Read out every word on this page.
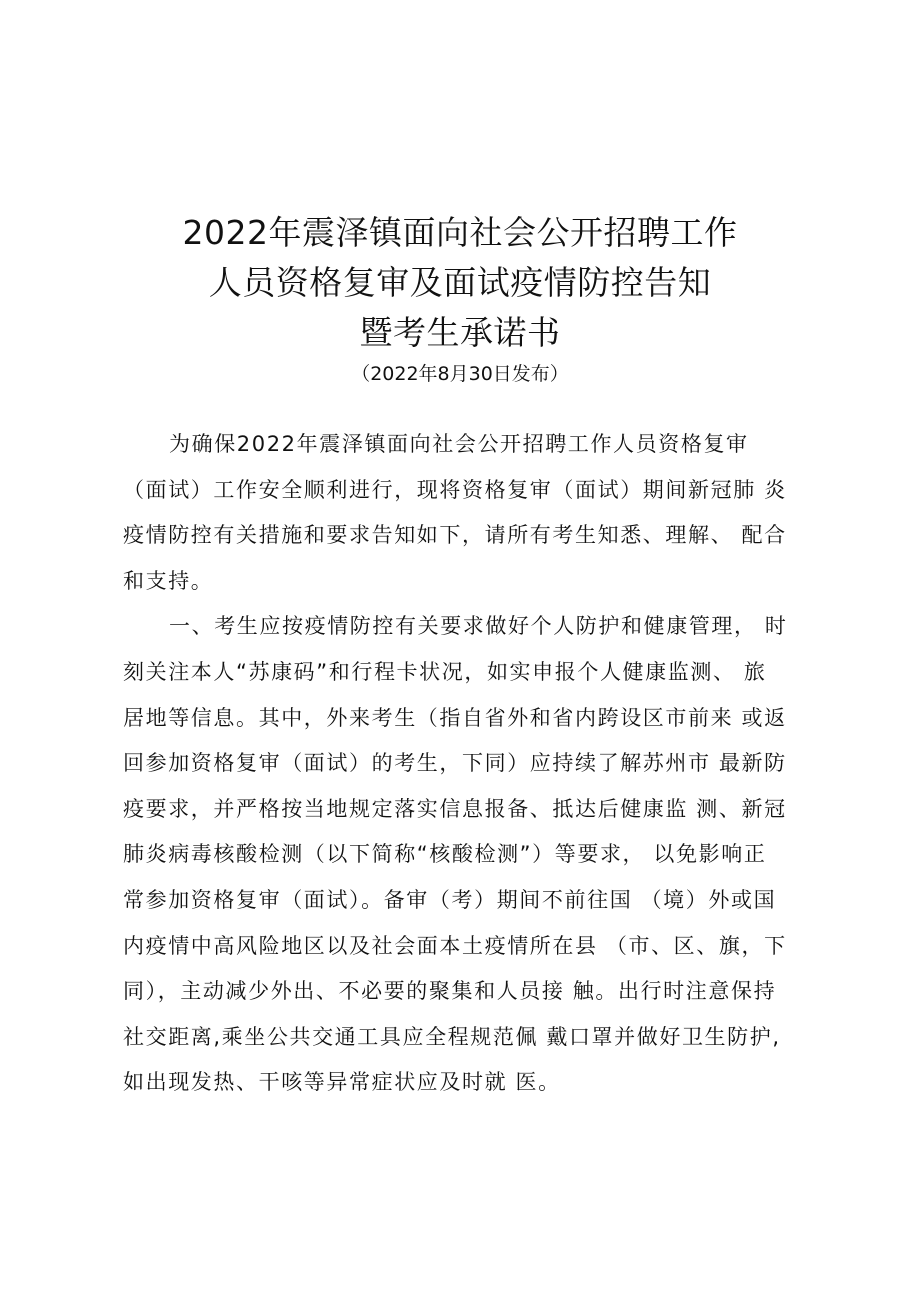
2022年震泽镇面向社会公开招聘工作
人员资格复审及面试疫情防控告知
暨考生承诺书
（2022年8月30日发布）
为确保2022年震泽镇面向社会公开招聘工作人员资格复审
（面试）工作安全顺利进行，现将资格复审（面试）期间新冠肺 炎
疫情防控有关措施和要求告知如下，请所有考生知悉、理解、 配合
和支持。
一、考生应按疫情防控有关要求做好个人防护和健康管理， 时
刻关注本人“苏康码”和行程卡状况，如实申报个人健康监测、 旅
居地等信息。其中，外来考生（指自省外和省内跨设区市前来 或返
回参加资格复审（面试）的考生，下同）应持续了解苏州市 最新防
疫要求，并严格按当地规定落实信息报备、抵达后健康监 测、新冠
肺炎病毒核酸检测（以下简称“核酸检测”）等要求， 以免影响正
常参加资格复审（面试）。备审（考）期间不前往国 （境）外或国
内疫情中高风险地区以及社会面本土疫情所在县 （市、区、旗，下
同），主动减少外出、不必要的聚集和人员接 触。出行时注意保持
社交距离,乘坐公共交通工具应全程规范佩 戴口罩并做好卫生防护,
如出现发热、干咳等异常症状应及时就 医。
